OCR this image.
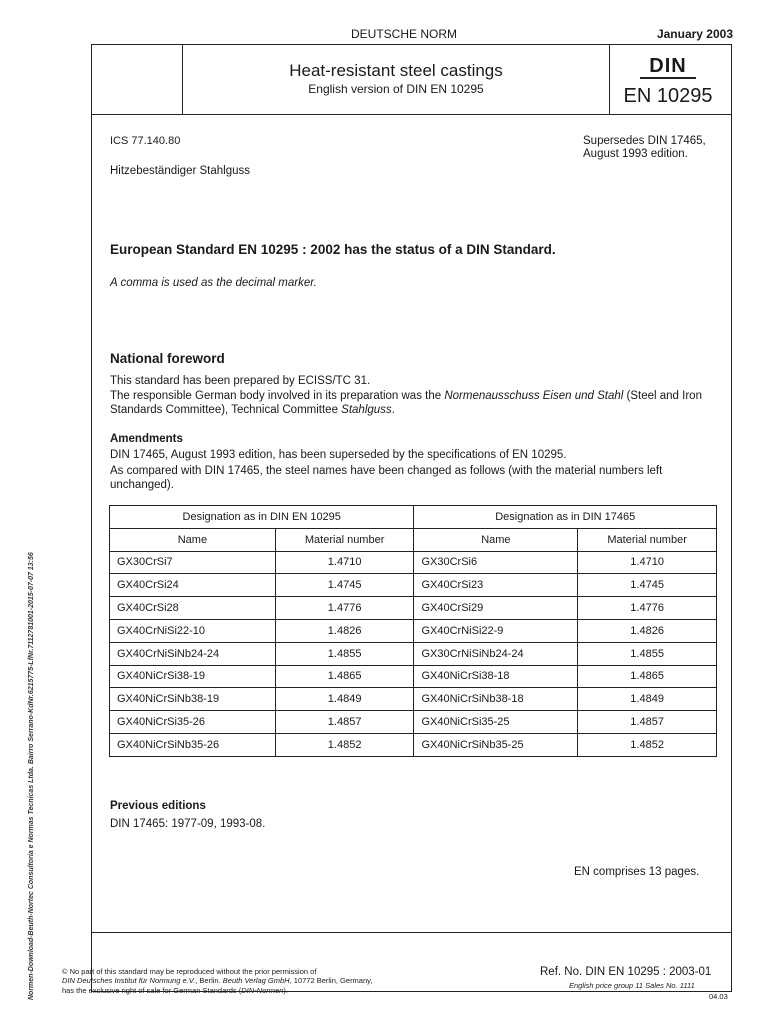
DEUTSCHE NORM	January 2003
Heat-resistant steel castings
English version of DIN EN 10295
DIN
EN 10295
ICS 77.140.80	Supersedes DIN 17465,
August 1993 edition.
Hitzebeständiger Stahlguss
European Standard EN 10295 : 2002 has the status of a DIN Standard.
A comma is used as the decimal marker.
National foreword
This standard has been prepared by ECISS/TC 31.
The responsible German body involved in its preparation was the Normenausschuss Eisen und Stahl (Steel and Iron Standards Committee), Technical Committee Stahlguss.
Amendments
DIN 17465, August 1993 edition, has been superseded by the specifications of EN 10295.
As compared with DIN 17465, the steel names have been changed as follows (with the material numbers left unchanged).
Designation as in DIN EN 10295		Designation as in DIN 17465	
Name	Material number	Name	Material number
GX30CrSi7	1.4710	GX30CrSi6	1.4710
GX40CrSi24	1.4745	GX40CrSi23	1.4745
GX40CrSi28	1.4776	GX40CrSi29	1.4776
GX40CrNiSi22-10	1.4826	GX40CrNiSi22-9	1.4826
GX40CrNiSiNb24-24	1.4855	GX30CrNiSiNb24-24	1.4855
GX40NiCrSi38-19	1.4865	GX40NiCrSi38-18	1.4865
GX40NiCrSiNb38-19	1.4849	GX40NiCrSiNb38-18	1.4849
GX40NiCrSi35-26	1.4857	GX40NiCrSi35-25	1.4857
GX40NiCrSiNb35-26	1.4852	GX40NiCrSiNb35-25	1.4852
Previous editions
DIN 17465: 1977-09, 1993-08.
EN comprises 13 pages.
© No part of this standard may be reproduced without the prior permission of
DIN Deutsches Institut für Normung e.V., Berlin. Beuth Verlag GmbH, 10772 Berlin, Germany,
has the exclusive right of sale for German Standards (DIN-Normen).
Ref. No. DIN EN 10295 : 2003-01
English price group 11 Sales No. 1111
04.03
Normen-Download-Beuth-Nortec Consultoria e Normas Tecnicas Ltda. Bairro Serrano-KdNr.6215775-LfNr.7112781001-2015-07-07 13:56
